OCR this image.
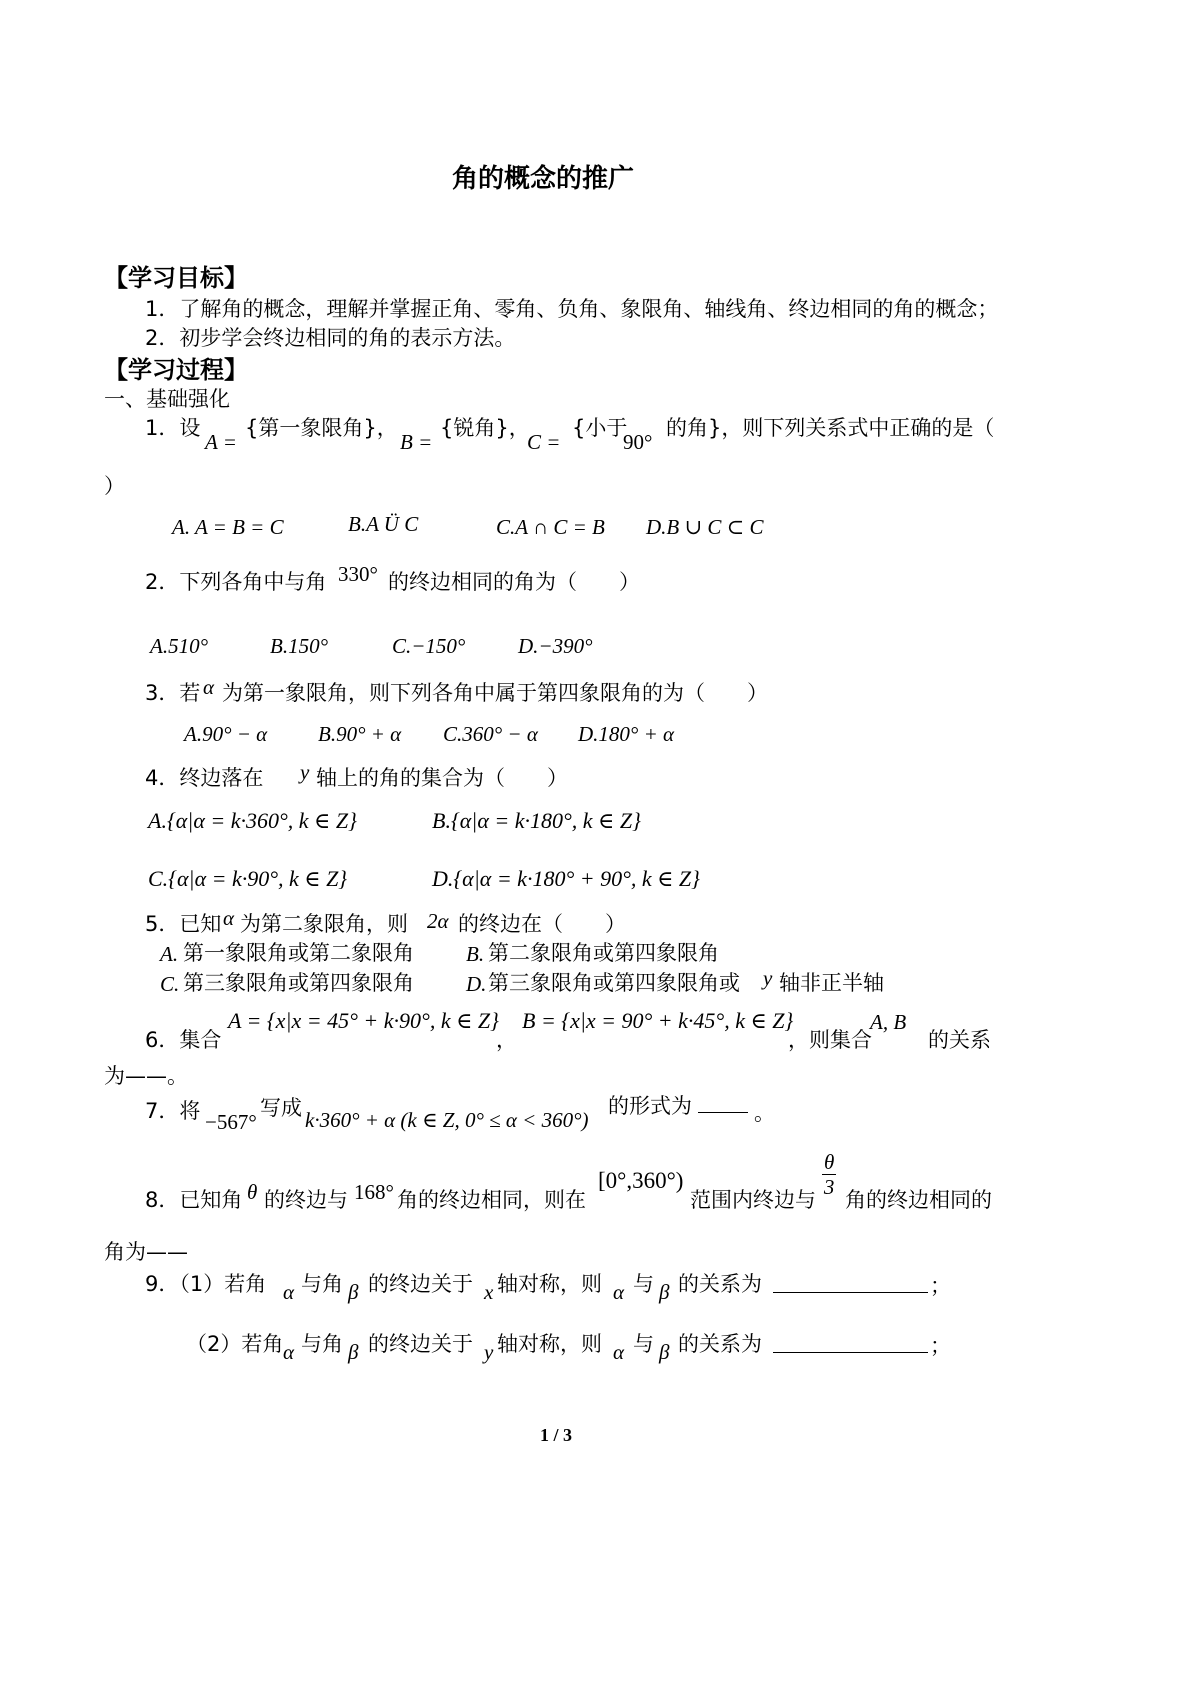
角的概念的推广
【学习目标】
1．了解角的概念，理解并掌握正角、零角、负角、象限角、轴线角、终边相同的角的概念；
2．初步学会终边相同的角的表示方法。
【学习过程】
一、基础强化
1．设
A =
{第一象限角}，
B =
{锐角}，
C =
{小于
90°
的角}，则下列关系式中正确的是（
）
A. A = B = C	B.A Ü C	C.A ∩ C = B D.B ∪ C ⊂ C
2．下列各角中与角 330° 的终边相同的角为（　　）
A.510°	B.150°	C.−150°	D.−390°
3．若 α 为第一象限角，则下列各角中属于第四象限角的为（　　）
A.90° − α B.90° + α C.360° − α D.180° + α
4．终边落在 y 轴上的角的集合为（　　）
A.{α|α = k·360°, k ∈ Z}	B.{α|α = k·180°, k ∈ Z}
C.{α|α = k·90°, k ∈ Z}	D.{α|α = k·180° + 90°, k ∈ Z}
5．已知 α 为第二象限角，则 2α 的终边在（　　）
A. 第一象限角或第二象限角 B. 第二象限角或第四象限角
C. 第三象限角或第四象限角 D. 第三象限角或第四象限角或 y 轴非正半轴
6．集合
A = {x|x = 45° + k·90°, k ∈ Z}
，
B = {x|x = 90° + k·45°, k ∈ Z}
，则集合
A, B
的关系
为——。
7．将 −567°
写成 k·360° + α (k ∈ Z, 0° ≤ α < 360°)
的形式为	。
8．已知角 θ 的终边与 168° 角的终边相同，则在
[0°,360°)
范围内终边与
$\frac{\theta}{3}$
角的终边相同的
角为——
9．（1）若角 α 与角 β 的终边关于 x 轴对称，则 α 与 β 的关系为	；
（2）若角 α 与角 β 的终边关于 y 轴对称，则 α 与 β 的关系为	；
1 / 3
